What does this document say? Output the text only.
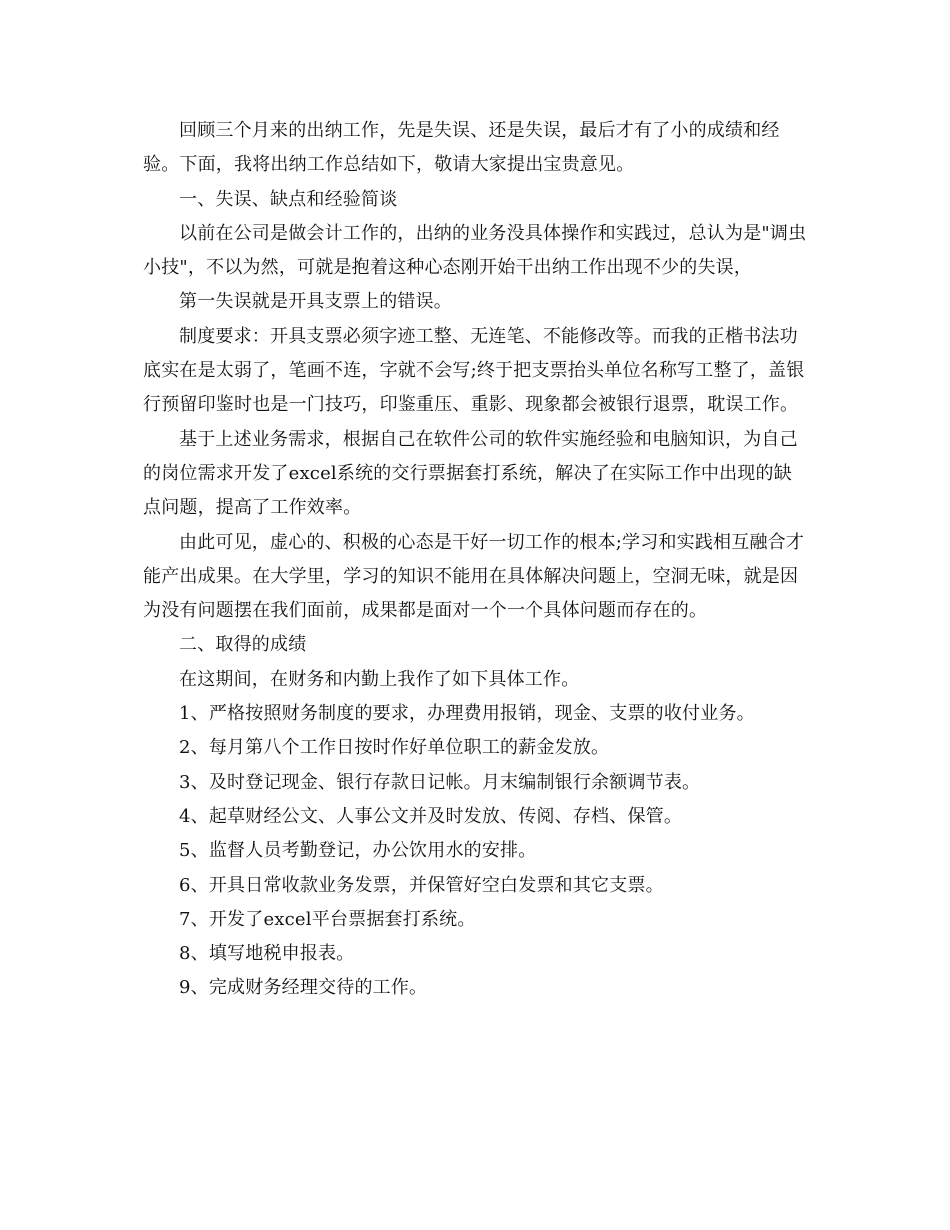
回顾三个月来的出纳工作，先是失误、还是失误，最后才有了小的成绩和经验。下面，我将出纳工作总结如下，敬请大家提出宝贵意见。

一、失误、缺点和经验简谈

以前在公司是做会计工作的，出纳的业务没具体操作和实践过，总认为是"调虫小技"，不以为然，可就是抱着这种心态刚开始干出纳工作出现不少的失误，

第一失误就是开具支票上的错误。

制度要求：开具支票必须字迹工整、无连笔、不能修改等。而我的正楷书法功底实在是太弱了，笔画不连，字就不会写;终于把支票抬头单位名称写工整了，盖银行预留印鉴时也是一门技巧，印鉴重压、重影、现象都会被银行退票，耽误工作。

基于上述业务需求，根据自己在软件公司的软件实施经验和电脑知识，为自己的岗位需求开发了excel系统的交行票据套打系统，解决了在实际工作中出现的缺点问题，提高了工作效率。

由此可见，虚心的、积极的心态是干好一切工作的根本;学习和实践相互融合才能产出成果。在大学里，学习的知识不能用在具体解决问题上，空洞无味，就是因为没有问题摆在我们面前，成果都是面对一个一个具体问题而存在的。

二、取得的成绩

在这期间，在财务和内勤上我作了如下具体工作。

1、严格按照财务制度的要求，办理费用报销，现金、支票的收付业务。

2、每月第八个工作日按时作好单位职工的薪金发放。

3、及时登记现金、银行存款日记帐。月末编制银行余额调节表。

4、起草财经公文、人事公文并及时发放、传阅、存档、保管。

5、监督人员考勤登记，办公饮用水的安排。

6、开具日常收款业务发票，并保管好空白发票和其它支票。

7、开发了excel平台票据套打系统。

8、填写地税申报表。

9、完成财务经理交待的工作。
